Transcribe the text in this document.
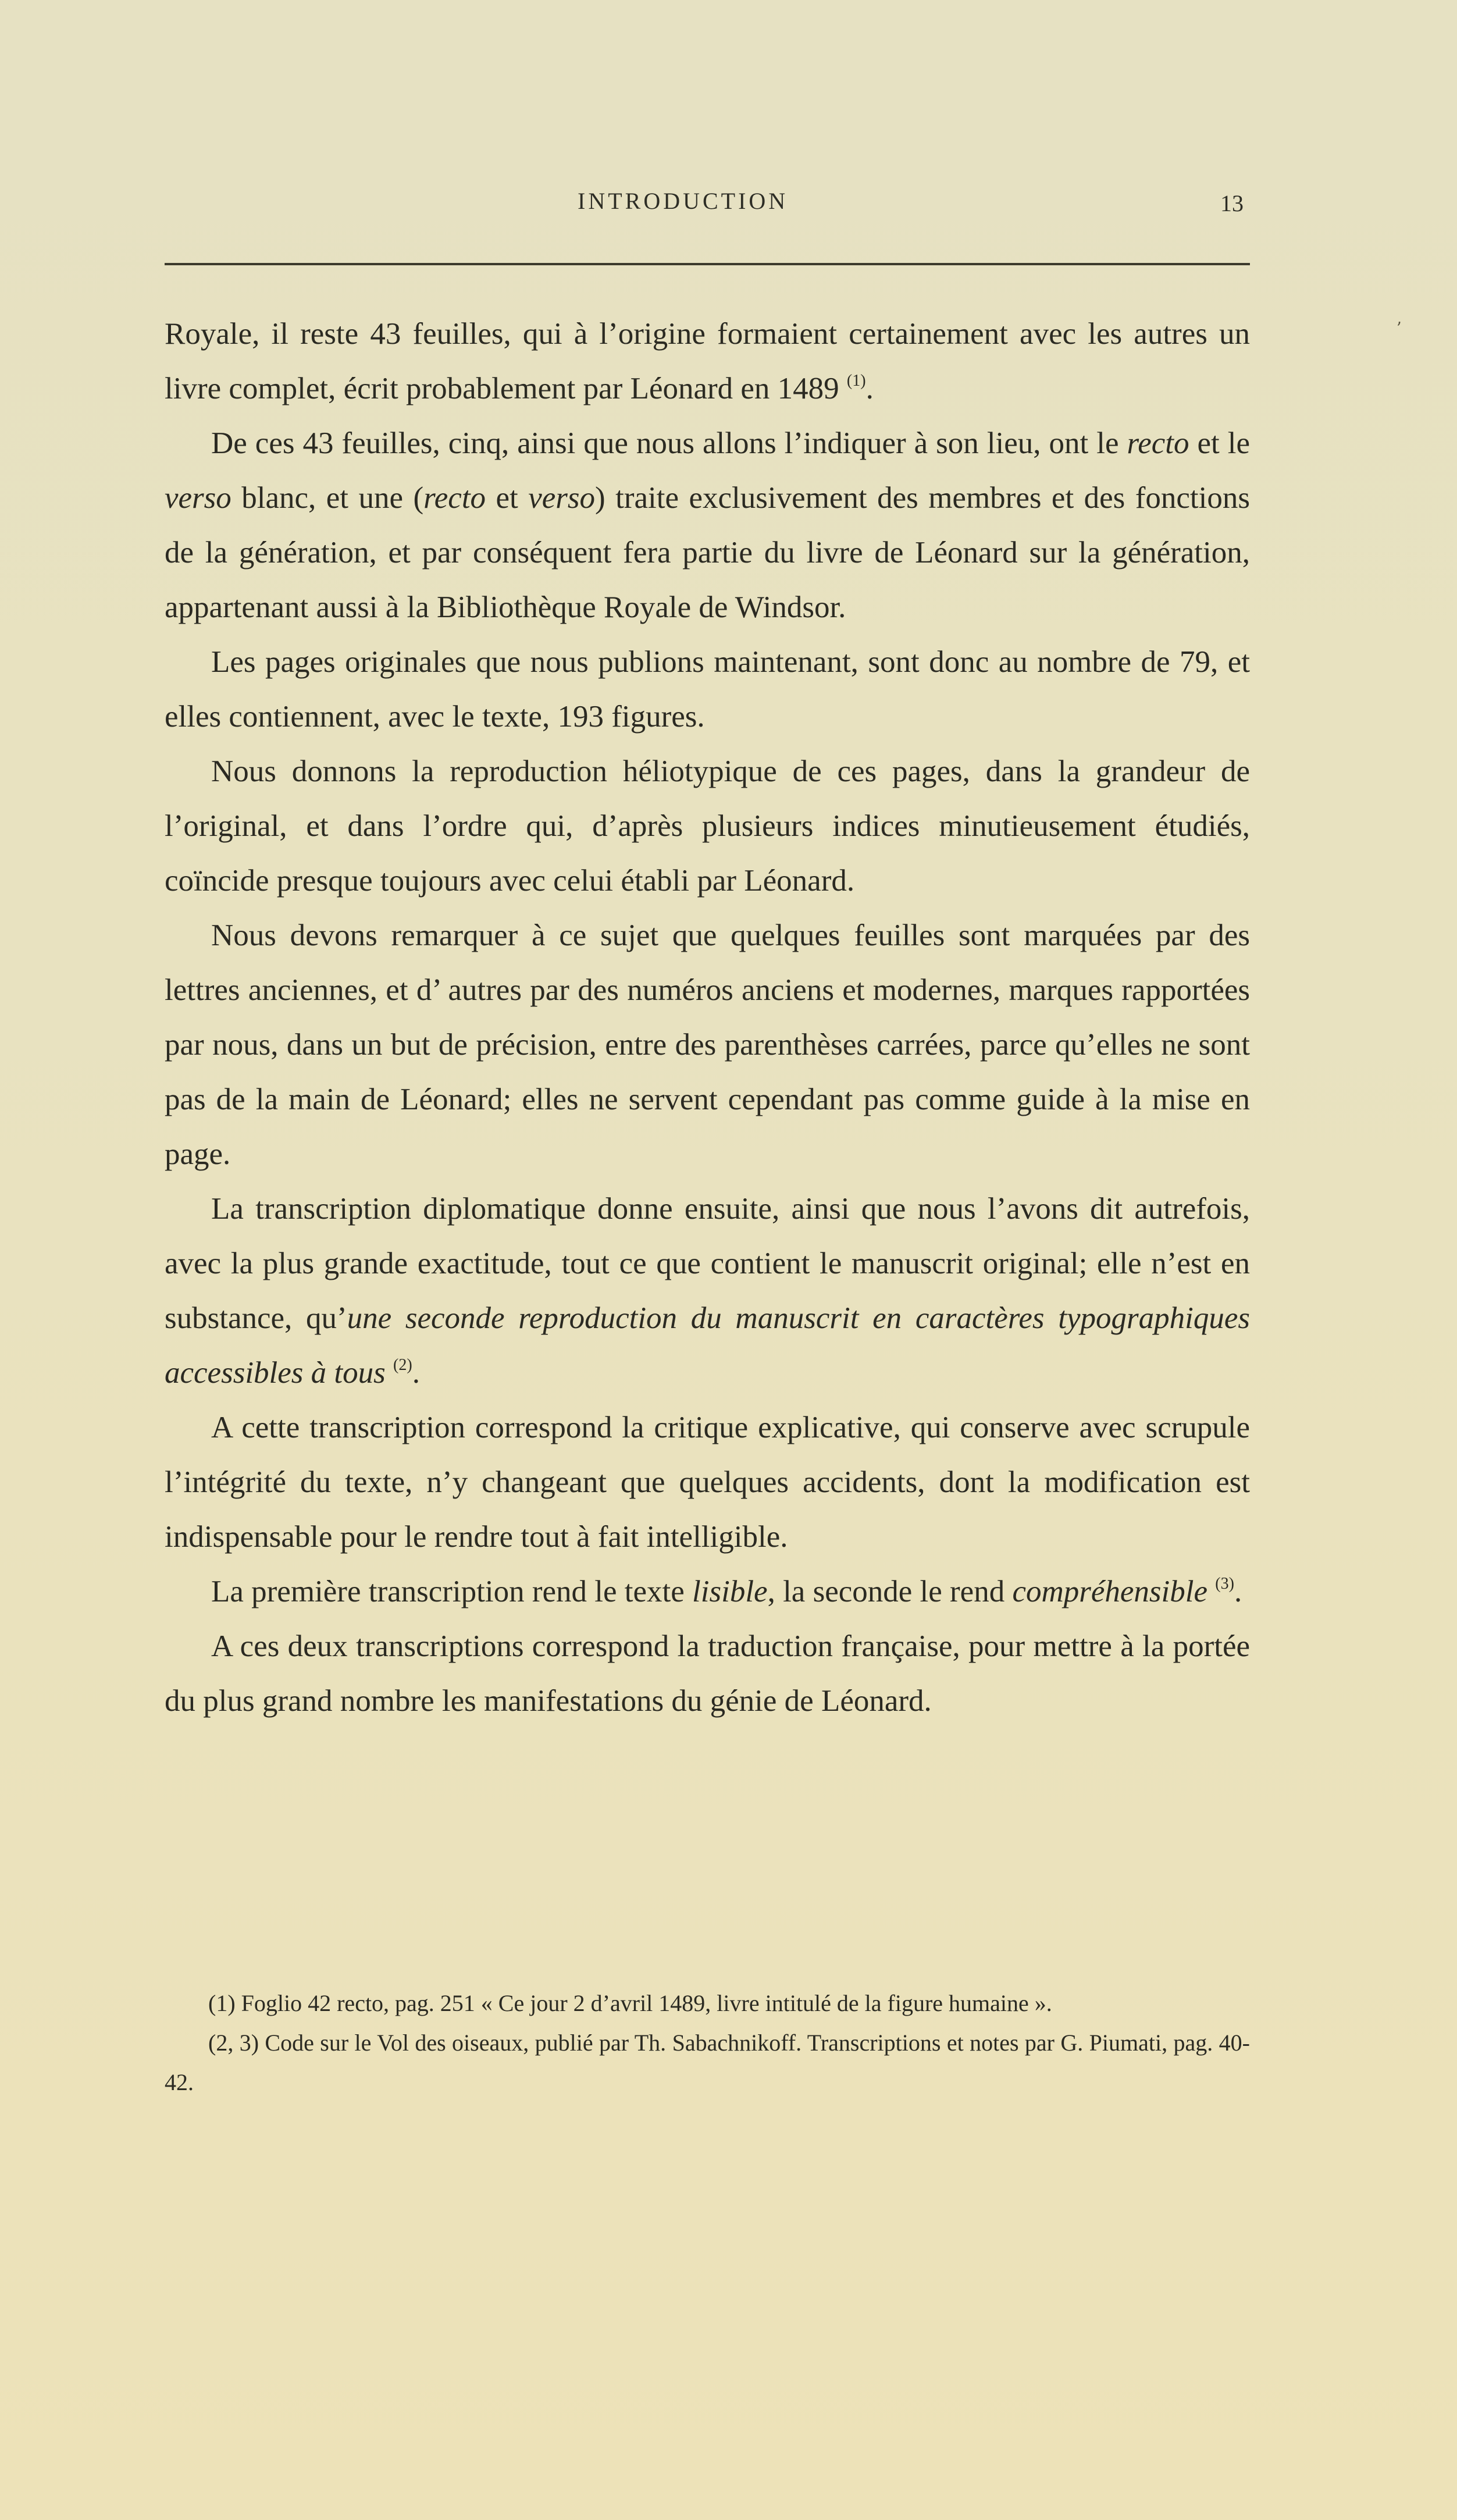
INTRODUCTION	13
ʼ

Royale, il reste 43 feuilles, qui à l’origine formaient certainement avec les autres un livre complet, écrit probablement par Léonard en 1489 $^{(1)}$.

De ces 43 feuilles, cinq, ainsi que nous allons l’indiquer à son lieu, ont le recto et le verso blanc, et une (recto et verso) traite exclusivement des membres et des fonctions de la génération, et par conséquent fera partie du livre de Léonard sur la génération, appartenant aussi à la Bibliothèque Royale de Windsor.

Les pages originales que nous publions maintenant, sont donc au nombre de 79, et elles contiennent, avec le texte, 193 figures.

Nous donnons la reproduction héliotypique de ces pages, dans la grandeur de l’original, et dans l’ordre qui, d’après plusieurs indices minutieusement étudiés, coïncide presque toujours avec celui établi par Léonard.

Nous devons remarquer à ce sujet que quelques feuilles sont marquées par des lettres anciennes, et d’ autres par des numéros anciens et modernes, marques rapportées par nous, dans un but de précision, entre des parenthèses carrées, parce qu’elles ne sont pas de la main de Léonard; elles ne servent cependant pas comme guide à la mise en page.

La transcription diplomatique donne ensuite, ainsi que nous l’avons dit autrefois, avec la plus grande exactitude, tout ce que contient le manuscrit original; elle n’est en substance, qu’une seconde reproduction du manuscrit en caractères typographiques accessibles à tous $^{(2)}$.

A cette transcription correspond la critique explicative, qui conserve avec scrupule l’intégrité du texte, n’y changeant que quelques accidents, dont la modification est indispensable pour le rendre tout à fait intelligible.

La première transcription rend le texte lisible, la seconde le rend compréhensible $^{(3)}$.

A ces deux transcriptions correspond la traduction française, pour mettre à la portée du plus grand nombre les manifestations du génie de Léonard.

(1) Foglio 42 recto, pag. 251 « Ce jour 2 d’avril 1489, livre intitulé de la figure humaine ».

(2, 3) Code sur le Vol des oiseaux, publié par Th. Sabachnikoff. Transcriptions et notes par G. Piumati, pag. 40-42.
